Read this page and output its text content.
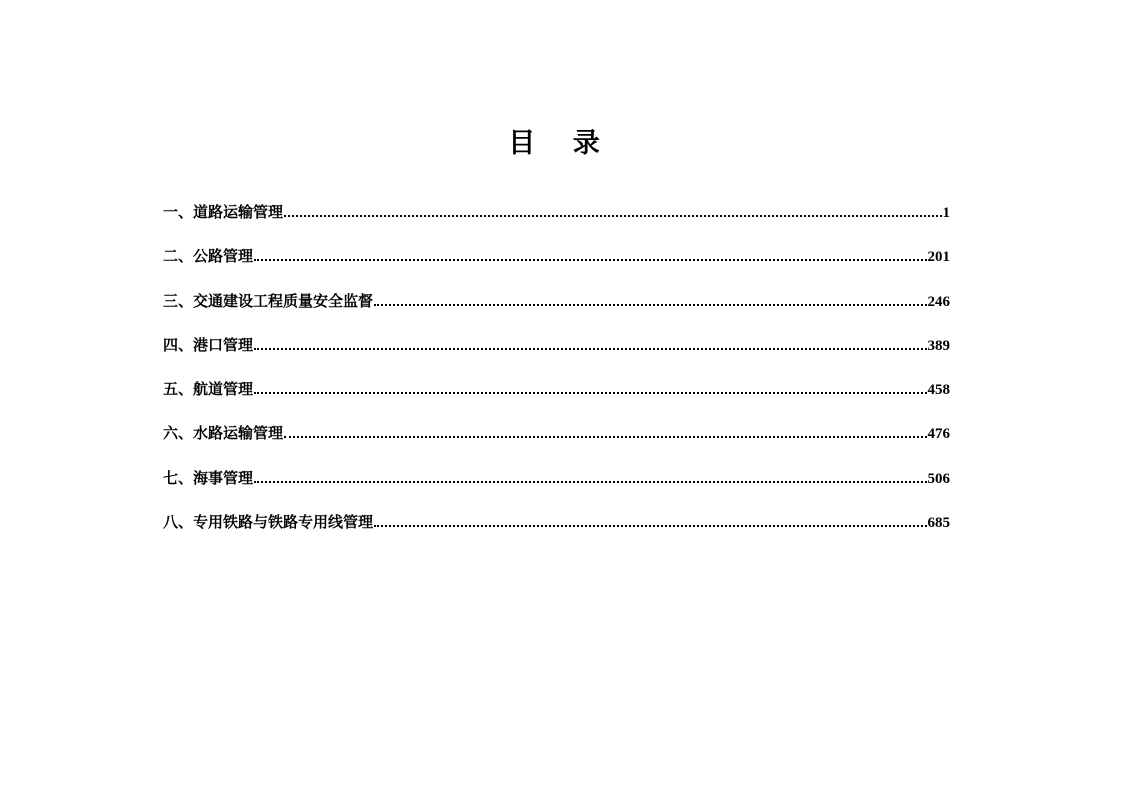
目 录
一、道路运输管理	1
二、公路管理	201
三、交通建设工程质量安全监督	246
四、港口管理	389
五、航道管理	458
六、水路运输管理	476
七、海事管理	506
八、专用铁路与铁路专用线管理	685
